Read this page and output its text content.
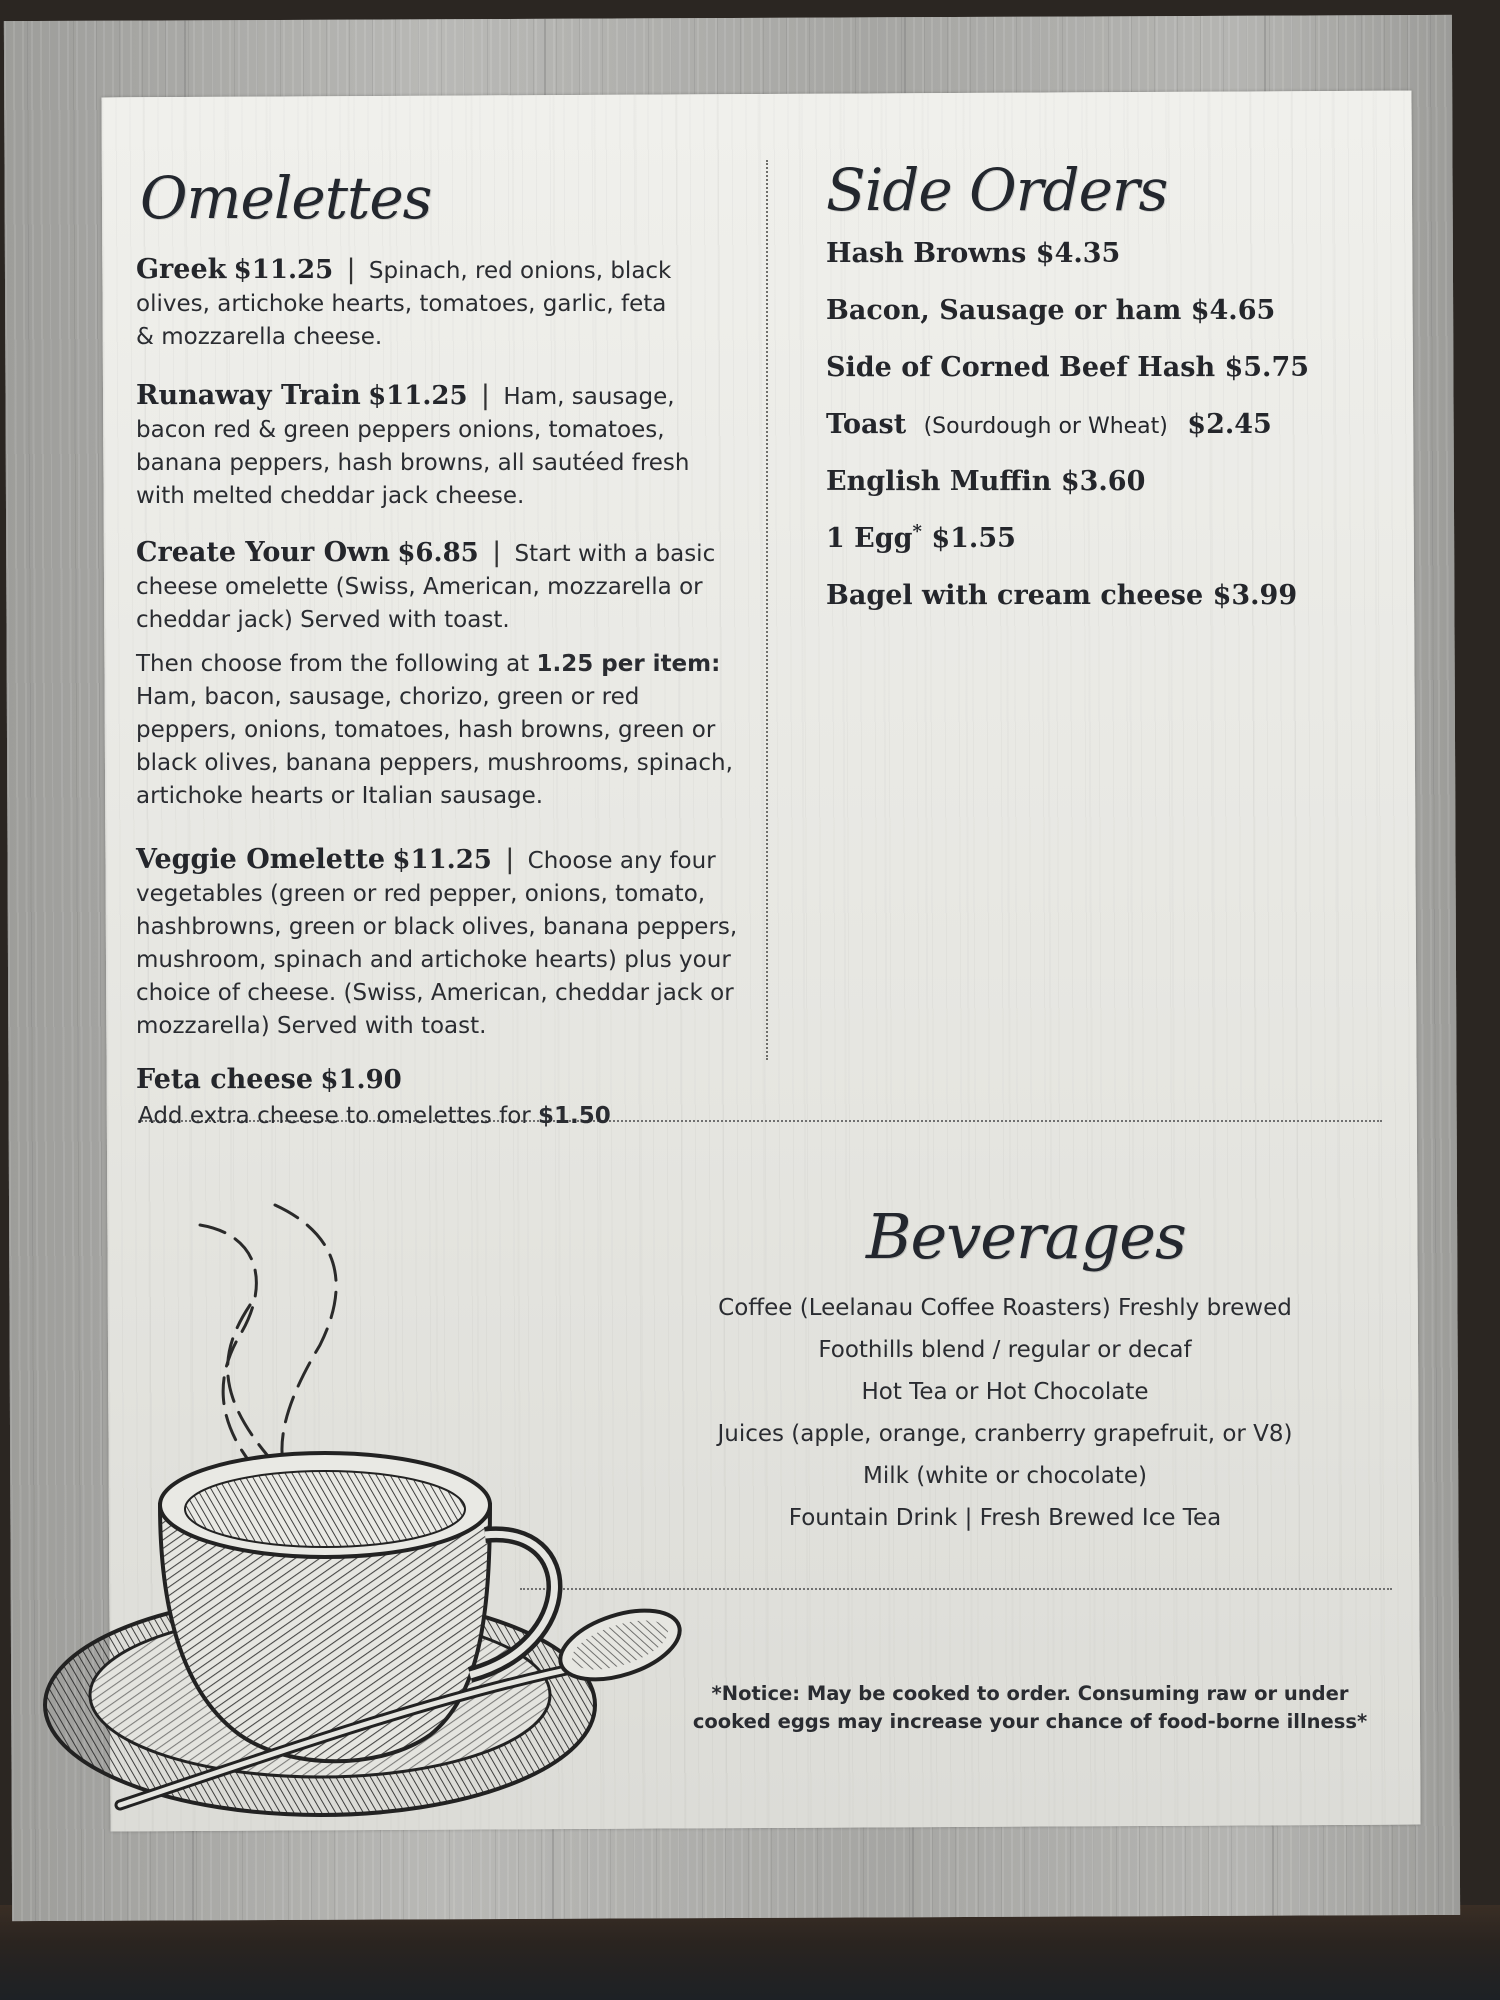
Omelettes
Greek $11.25 | Spinach, red onions, black olives, artichoke hearts, tomatoes, garlic, feta & mozzarella cheese.
Runaway Train $11.25 | Ham, sausage, bacon red & green peppers onions, tomatoes, banana peppers, hash browns, all sautéed fresh with melted cheddar jack cheese.
Create Your Own $6.85 | Start with a basic cheese omelette (Swiss, American, mozzarella or cheddar jack) Served with toast.
Then choose from the following at 1.25 per item: Ham, bacon, sausage, chorizo, green or red peppers, onions, tomatoes, hash browns, green or black olives, banana peppers, mushrooms, spinach, artichoke hearts or Italian sausage.
Veggie Omelette $11.25 | Choose any four vegetables (green or red pepper, onions, tomato, hashbrowns, green or black olives, banana peppers, mushroom, spinach and artichoke hearts) plus your choice of cheese. (Swiss, American, cheddar jack or mozzarella) Served with toast.
Feta cheese $1.90
Add extra cheese to omelettes for $1.50
Side Orders
Hash Browns $4.35
Bacon, Sausage or ham $4.65
Side of Corned Beef Hash $5.75
Toast (Sourdough or Wheat) $2.45
English Muffin $3.60
1 Egg* $1.55
Bagel with cream cheese $3.99
Beverages
Coffee (Leelanau Coffee Roasters) Freshly brewed
Foothills blend / regular or decaf
Hot Tea or Hot Chocolate
Juices (apple, orange, cranberry grapefruit, or V8)
Milk (white or chocolate)
Fountain Drink | Fresh Brewed Ice Tea
*Notice: May be cooked to order. Consuming raw or under cooked eggs may increase your chance of food-borne illness*
